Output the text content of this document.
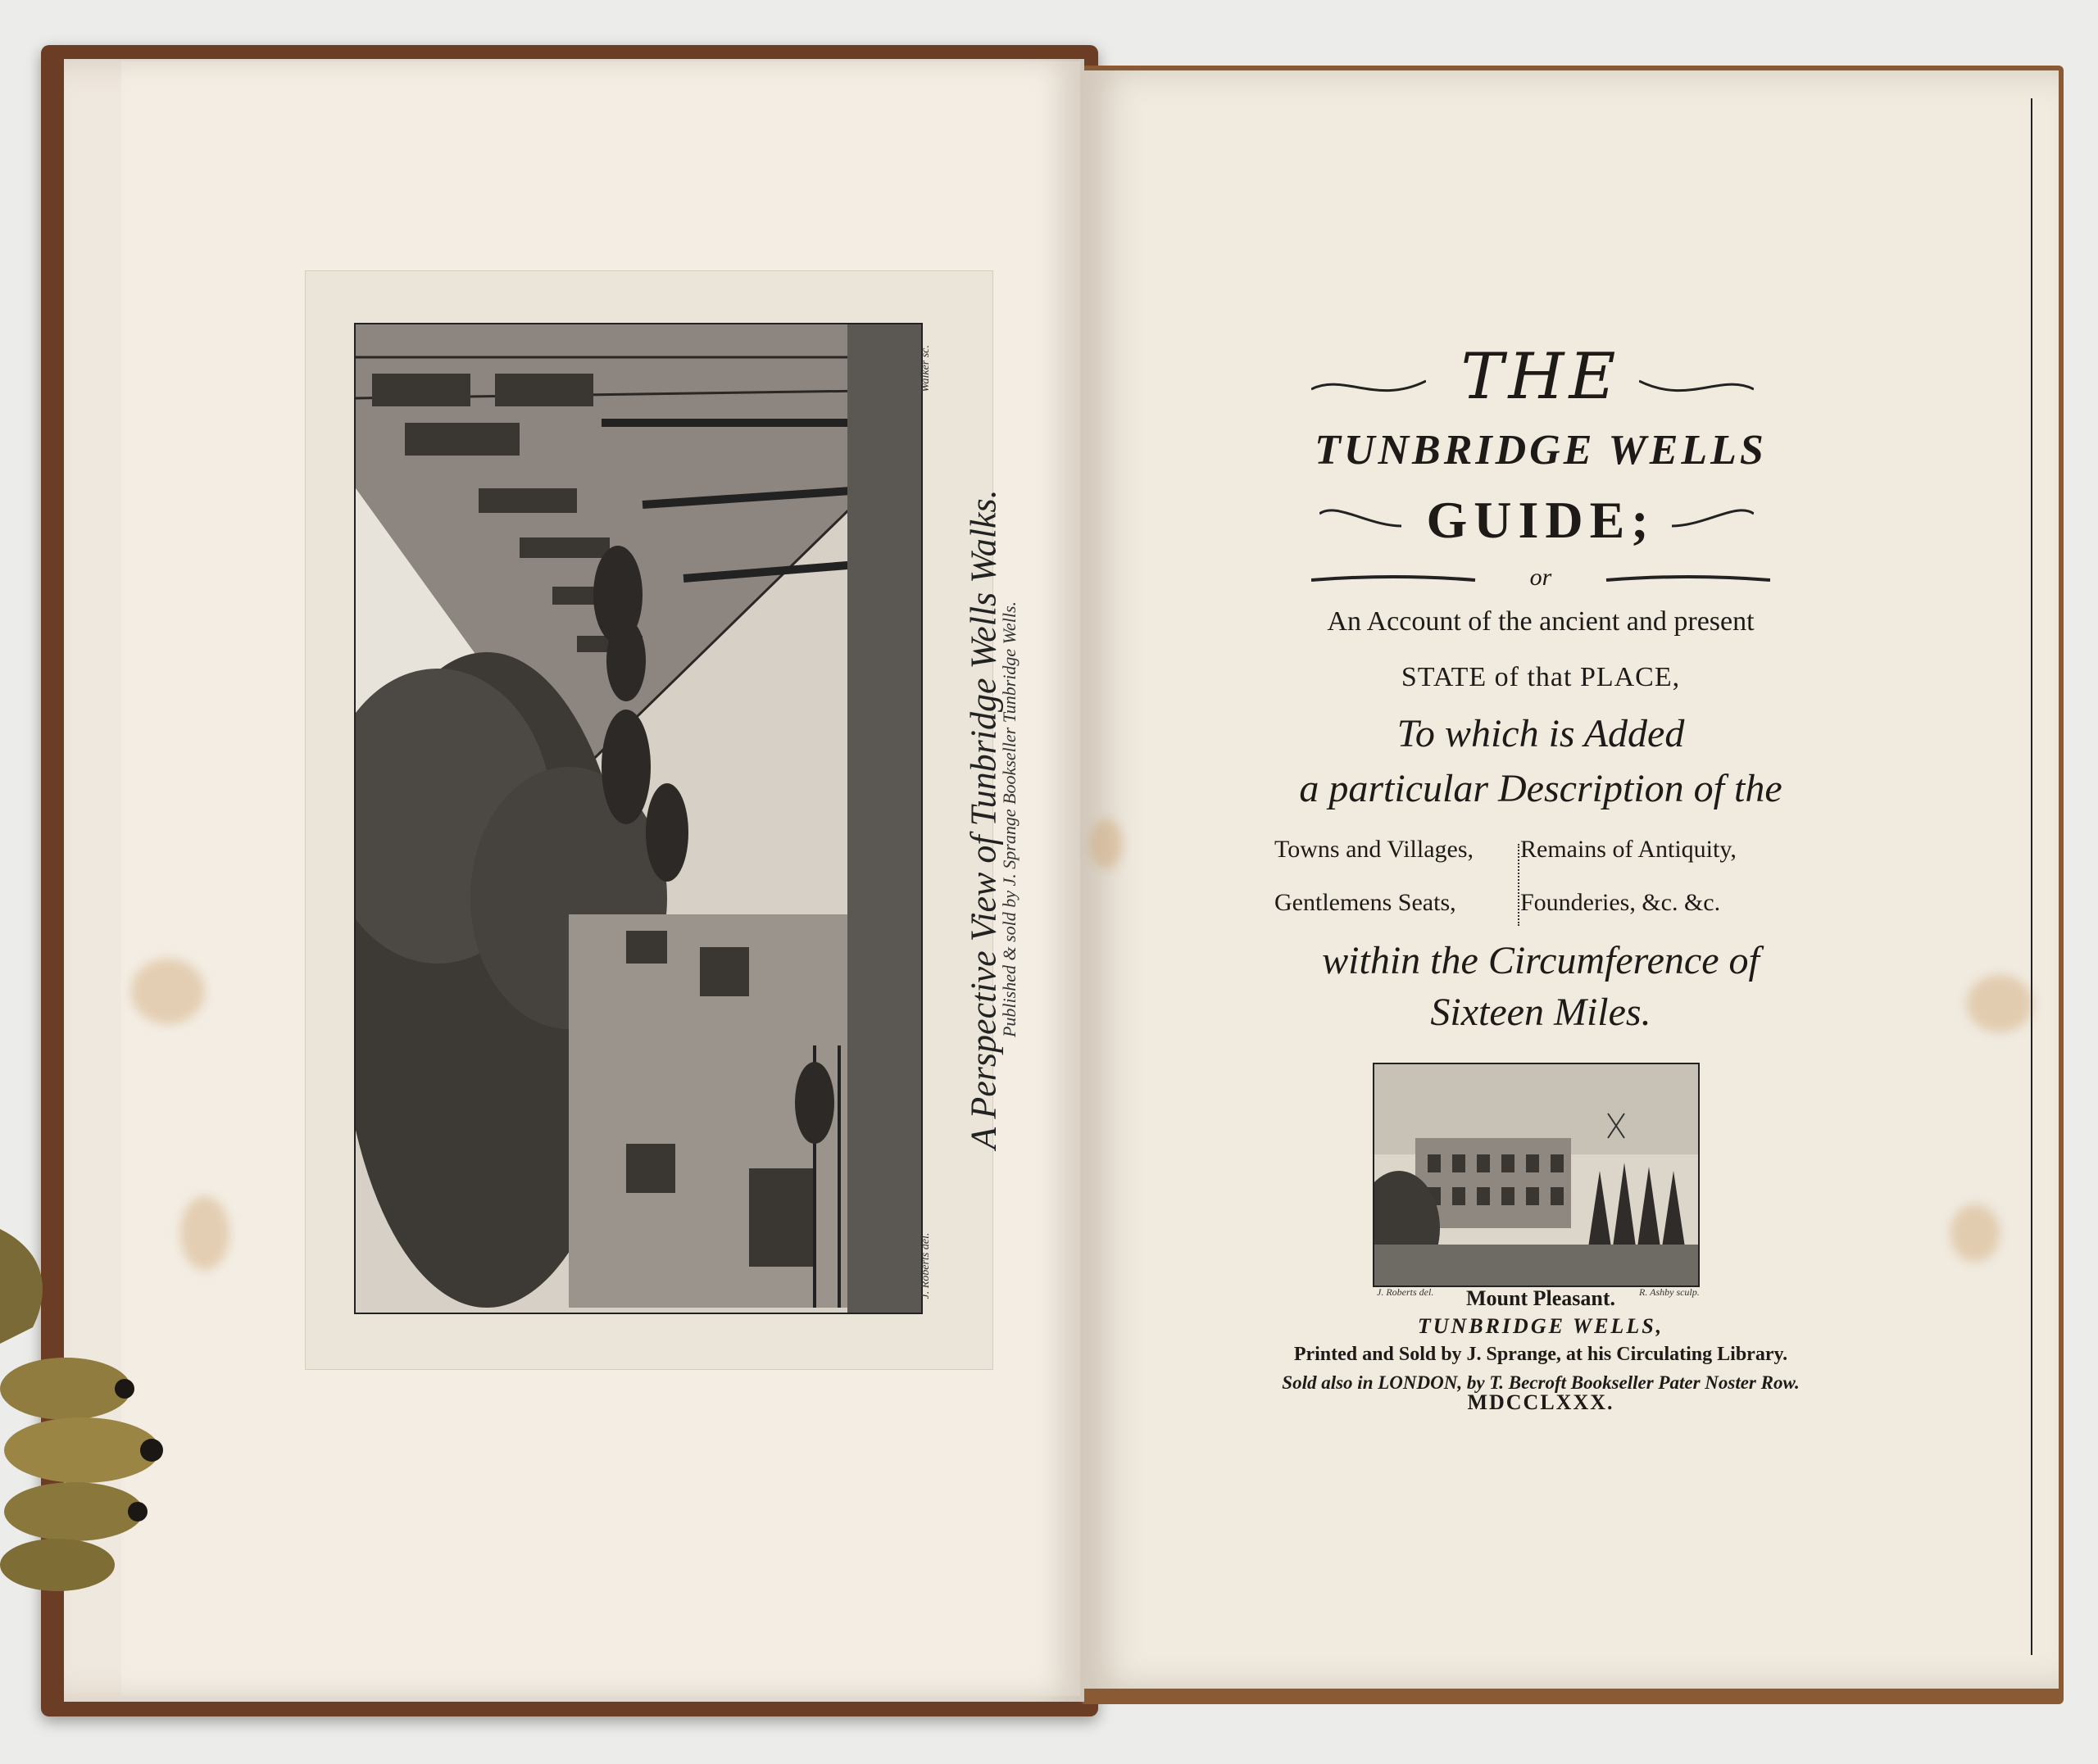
A Perspective View of Tunbridge Wells Walks.
Published & sold by J. Sprange Bookseller Tunbridge Wells.
J. Roberts del.
Walker sc.	THE
TUNBRIDGE WELLS
GUIDE;
or
An Account of the ancient and present
STATE of that PLACE,
To which is Added
a particular Description of the
Towns and Villages, Remains of Antiquity,
Gentlemens Seats,	Founderies, &c. &c.
within the Circumference of
Sixteen Miles.
J. Roberts del.	R. Ashby sculp.
Mount Pleasant.
TUNBRIDGE WELLS,
Printed and Sold by J. Sprange, at his Circulating Library.
Sold also in LONDON, by T. Becroft Bookseller Pater Noster Row.
MDCCLXXX.
